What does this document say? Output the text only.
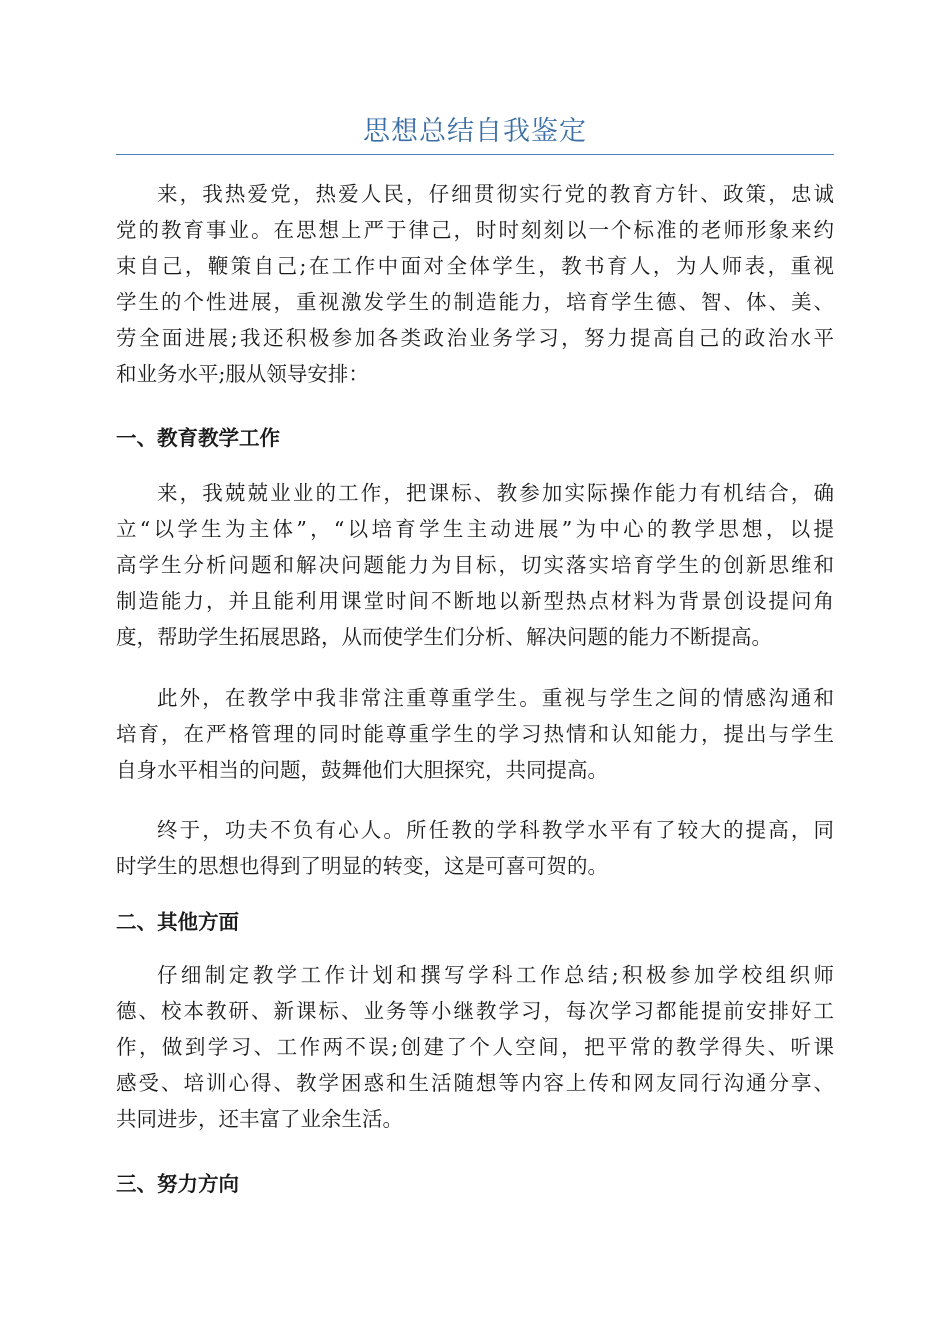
思想总结自我鉴定

来，我热爱党，热爱人民，仔细贯彻实行党的教育方针、政策，忠诚
党的教育事业。在思想上严于律己，时时刻刻以一个标准的老师形象来约
束自己，鞭策自己;在工作中面对全体学生，教书育人，为人师表，重视
学生的个性进展，重视激发学生的制造能力，培育学生德、智、体、美、
劳全面进展;我还积极参加各类政治业务学习，努力提高自己的政治水平
和业务水平;服从领导安排：

一、教育教学工作

来，我兢兢业业的工作，把课标、教参加实际操作能力有机结合，确
立“以学生为主体”，“以培育学生主动进展”为中心的教学思想，以提
高学生分析问题和解决问题能力为目标，切实落实培育学生的创新思维和
制造能力，并且能利用课堂时间不断地以新型热点材料为背景创设提问角
度，帮助学生拓展思路，从而使学生们分析、解决问题的能力不断提高。

此外，在教学中我非常注重尊重学生。重视与学生之间的情感沟通和
培育，在严格管理的同时能尊重学生的学习热情和认知能力，提出与学生
自身水平相当的问题，鼓舞他们大胆探究，共同提高。

终于，功夫不负有心人。所任教的学科教学水平有了较大的提高，同
时学生的思想也得到了明显的转变，这是可喜可贺的。

二、其他方面

仔细制定教学工作计划和撰写学科工作总结;积极参加学校组织师
德、校本教研、新课标、业务等小继教学习，每次学习都能提前安排好工
作，做到学习、工作两不误;创建了个人空间，把平常的教学得失、听课
感受、培训心得、教学困惑和生活随想等内容上传和网友同行沟通分享、
共同进步，还丰富了业余生活。

三、努力方向
